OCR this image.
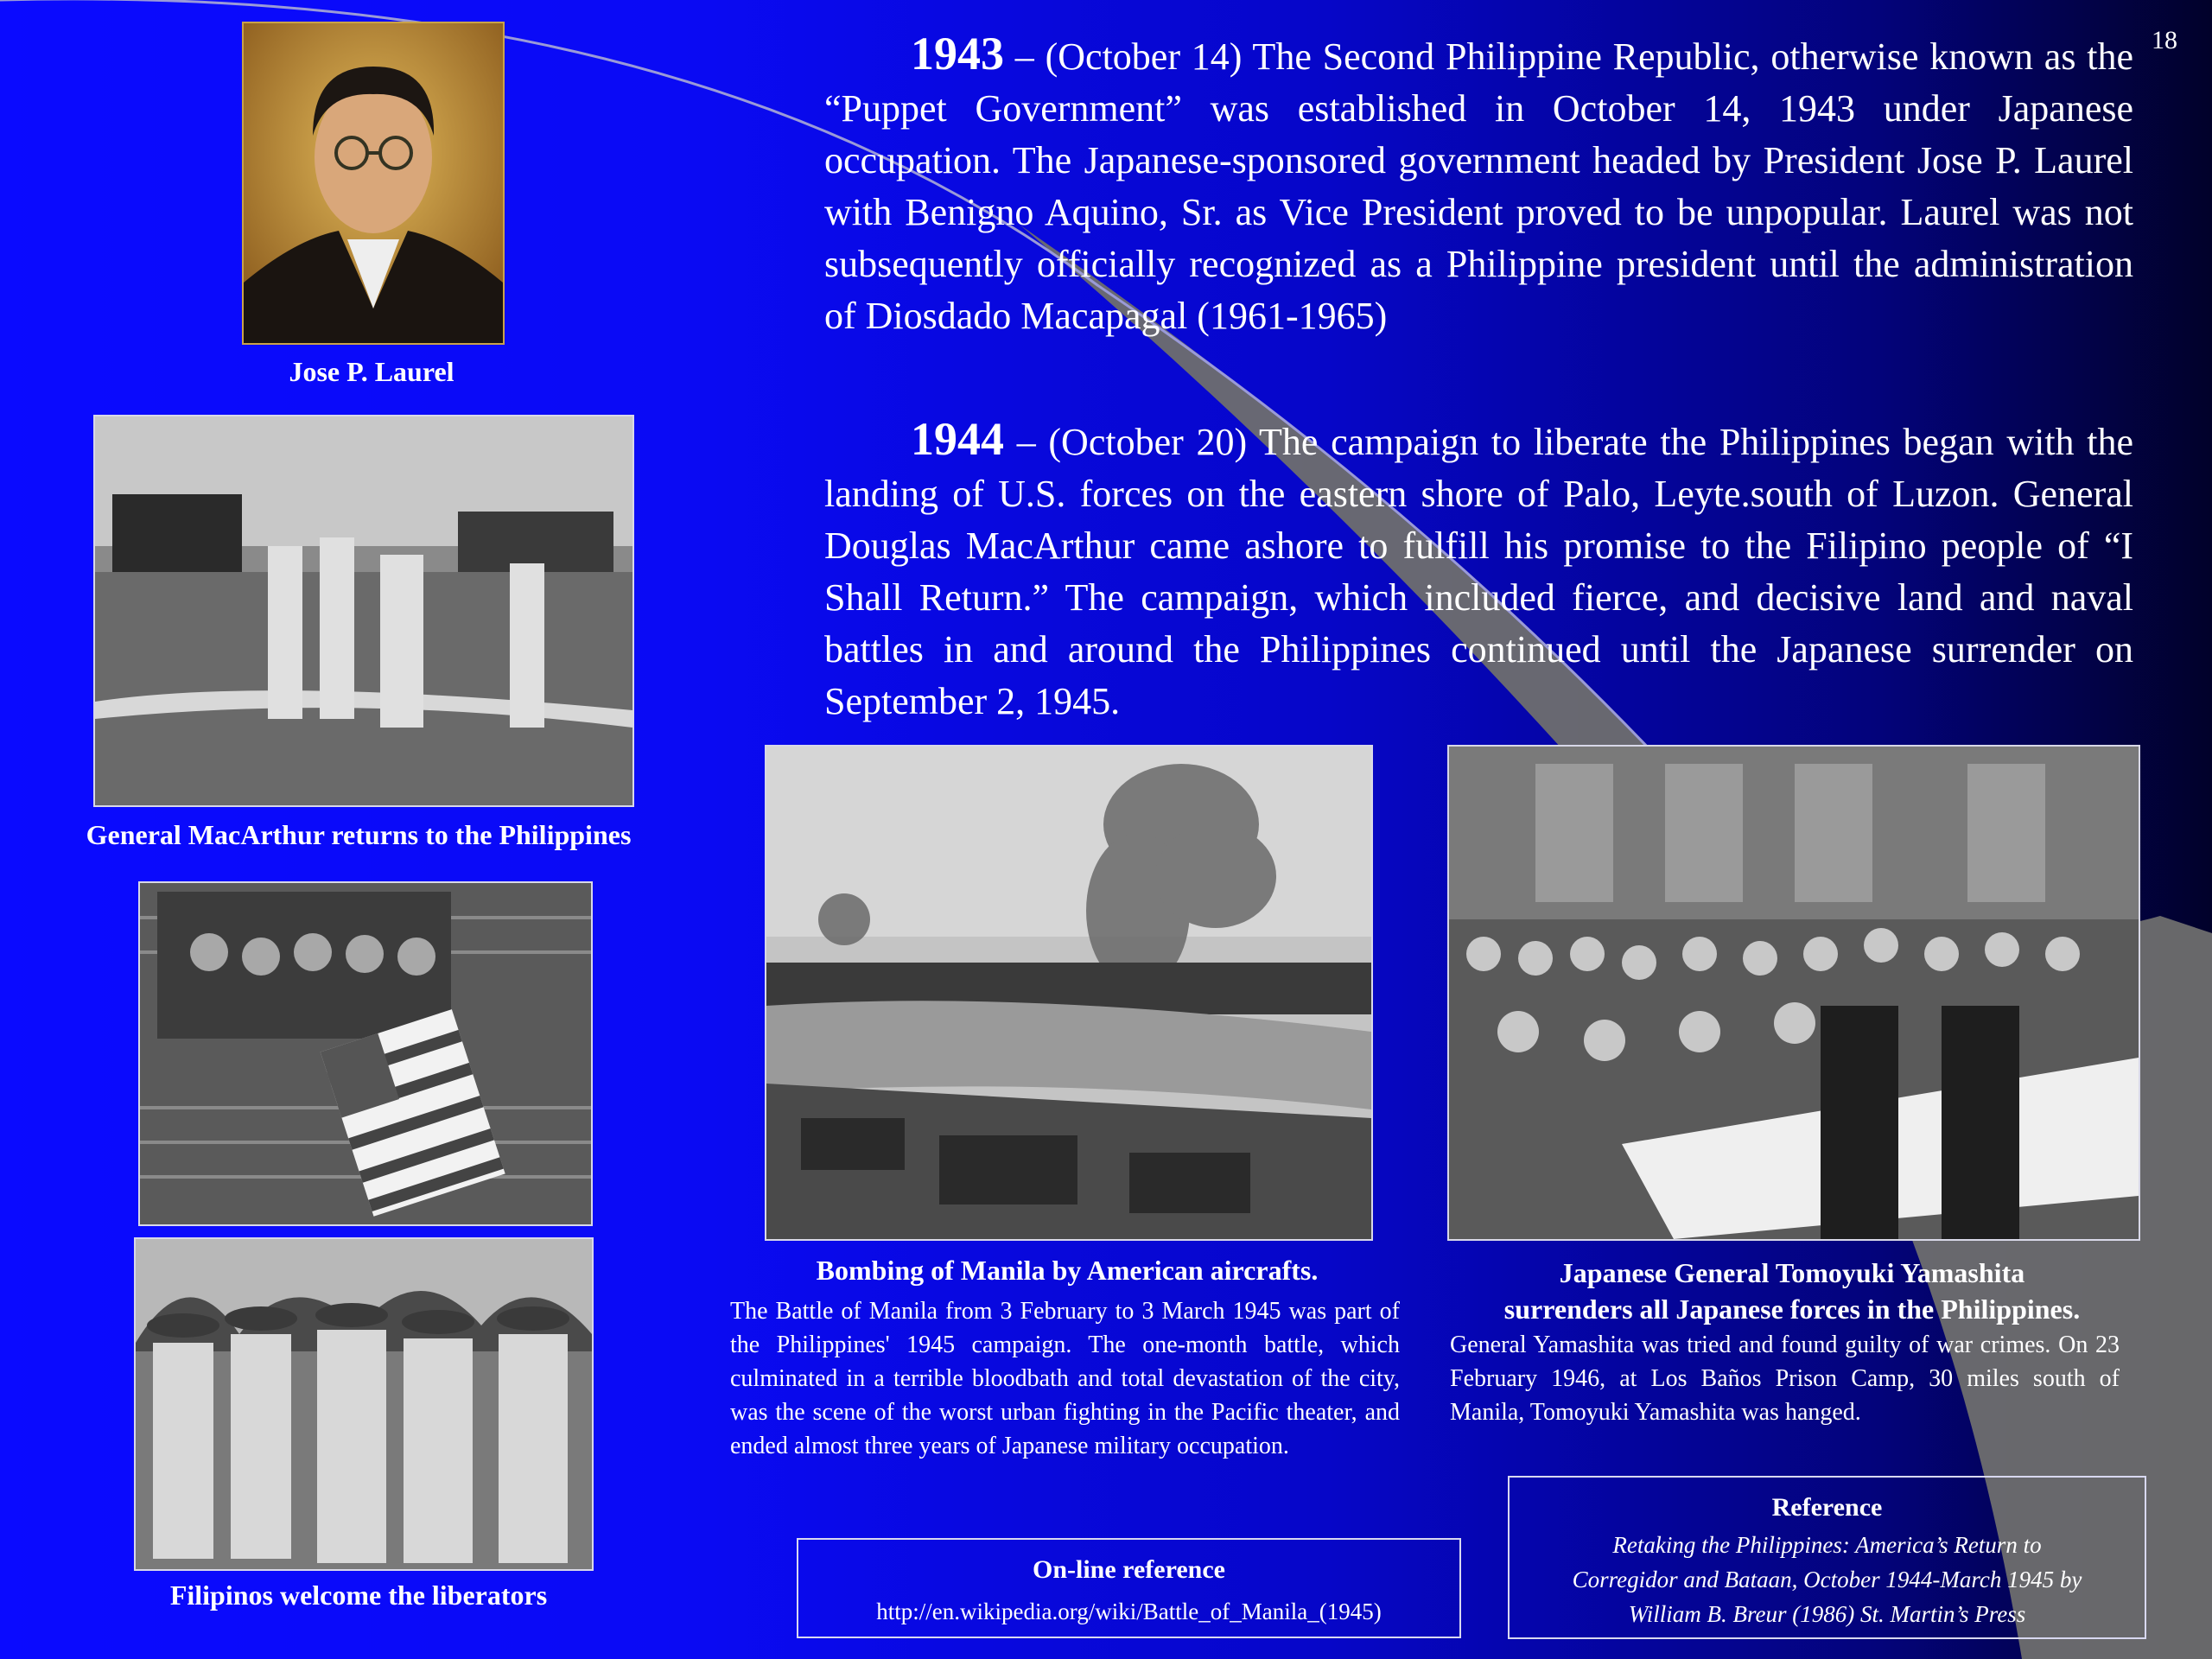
18
1943 – (October 14) The Second Philippine Republic, otherwise known as the “Puppet Government” was established in October 14, 1943 under Japanese occupation. The Japanese-sponsored government headed by President Jose P. Laurel with Benigno Aquino, Sr. as Vice President proved to be unpopular. Laurel was not subsequently officially recognized as a Philippine president until the administration of Diosdado Macapagal (1961-1965)
1944 – (October 20) The campaign to liberate the Philippines began with the landing of U.S. forces on the eastern shore of Palo, Leyte.south of Luzon. General Douglas MacArthur came ashore to fulfill his promise to the Filipino people of “I Shall Return.” The campaign, which included fierce, and decisive land and naval battles in and around the Philippines continued until the Japanese surrender on September 2, 1945.
Jose P. Laurel
General MacArthur returns to the Philippines
Filipinos welcome the liberators
Bombing of Manila by American aircrafts.
The Battle of Manila from 3 February to 3 March 1945 was part of the Philippines' 1945 campaign. The one-month battle, which culminated in a terrible bloodbath and total devastation of the city, was the scene of the worst urban fighting in the Pacific theater, and ended almost three years of Japanese military occupation.
Japanese General Tomoyuki Yamashita
surrenders all Japanese forces in the Philippines.
General Yamashita was tried and found guilty of war crimes. On 23 February 1946, at Los Baños Prison Camp, 30 miles south of Manila, Tomoyuki Yamashita was hanged.
On-line reference
http://en.wikipedia.org/wiki/Battle_of_Manila_(1945)
Reference
Retaking the Philippines: America’s Return to
Corregidor and Bataan, October 1944-March 1945 by
William B. Breur (1986) St. Martin’s Press
